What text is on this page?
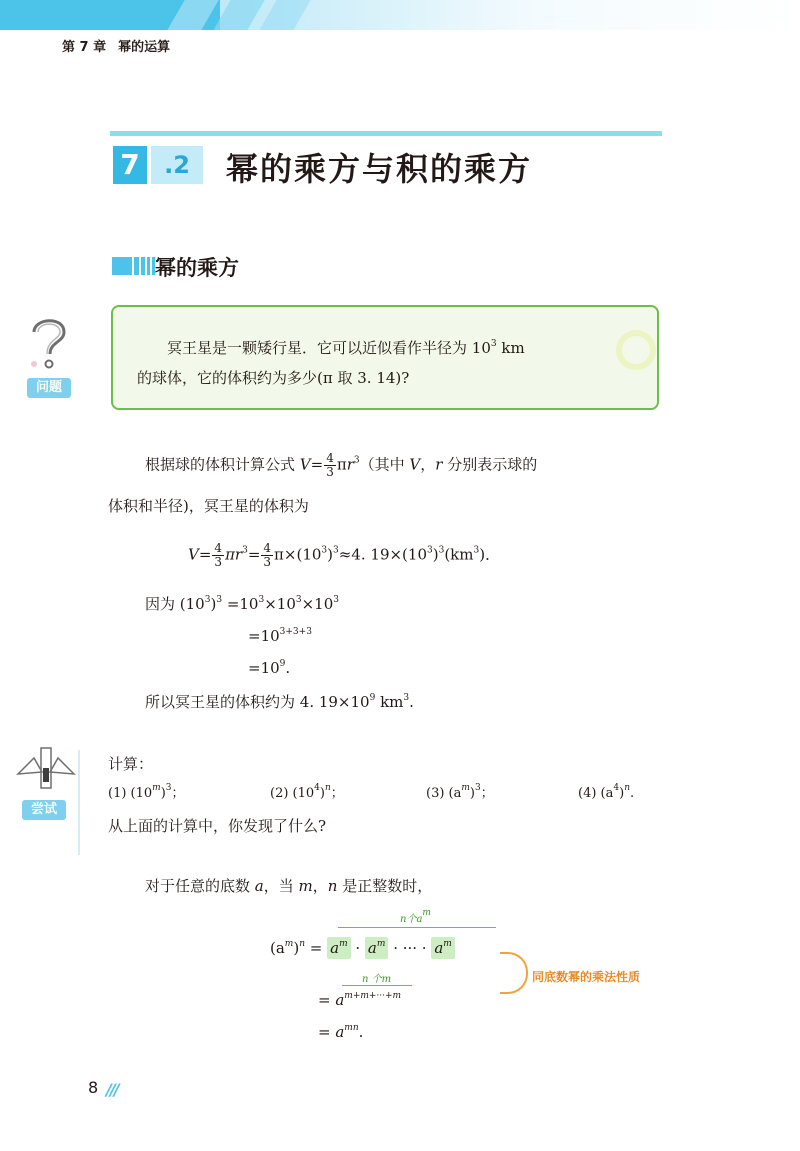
第 7 章 幂的运算
7	.2	幂的乘方与积的乘方
幂的乘方
问题
冥王星是一颗矮行星．它可以近似看作半径为 $10^3$ km
的球体，它的体积约为多少(π 取 3. 14)?
根据球的体积计算公式 $V= \frac{4}{3} \pi r^3$（其中 V，r 分别表示球的
体积和半径)，冥王星的体积为
$V= \frac{4}{3} \pi r^3= \frac{4}{3} \pi\times(10^3)^3\approx 4$. $19\times(10^3)^3(km^3)$．
因为 $(10^3)^3 =10^3\times 10^3\times 10^3$
$=10^{3+3+3}$
$=10^9$.
所以冥王星的体积约为 4. $19\times 10^9$ $km^3$.
尝试
计算：
(1) $(10^m)^3$；	(2) $(10^4)^n$；	(3) $(a^m)^3$；	(4) $(a^4)^n$.
从上面的计算中，你发现了什么?
对于任意的底数 a，当 m，n 是正整数时，
n个$a^m$
$(a^m)^n = a^m \cdot a^m$ · ··· · $a^m$
同底数幂的乘法性质
n 个m
= $a^{m+m+\cdot\cdot\cdot+m}$
= $a^{mn}$.
8 ///
